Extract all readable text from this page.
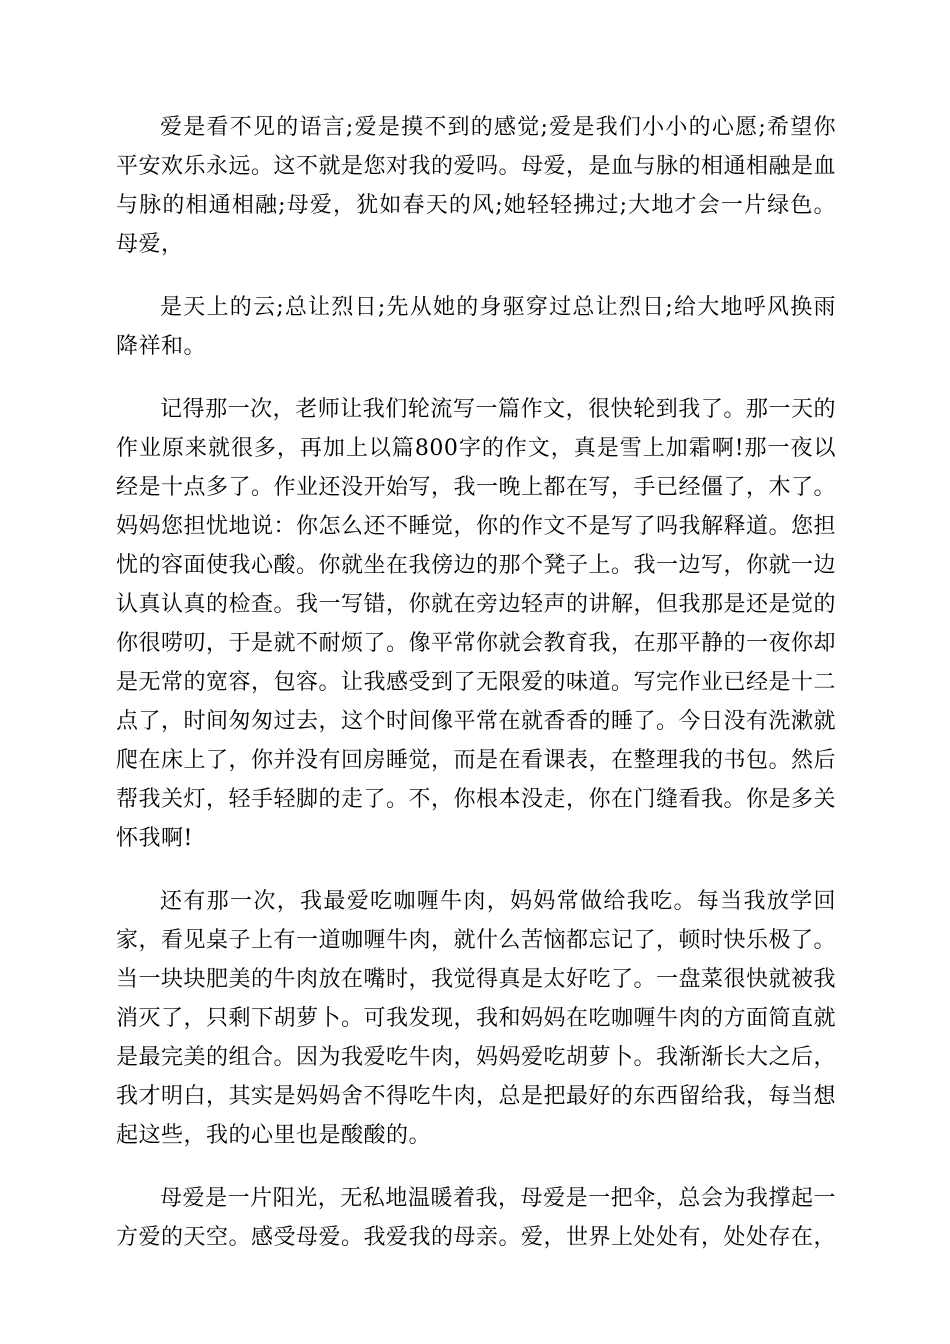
爱是看不见的语言;爱是摸不到的感觉;爱是我们小小的心愿;希望你平安欢乐永远。这不就是您对我的爱吗。母爱，是血与脉的相通相融是血与脉的相通相融;母爱，犹如春天的风;她轻轻拂过;大地才会一片绿色。母爱，

是天上的云;总让烈日;先从她的身驱穿过总让烈日;给大地呼风换雨降祥和。

记得那一次，老师让我们轮流写一篇作文，很快轮到我了。那一天的作业原来就很多，再加上以篇800字的作文，真是雪上加霜啊!那一夜以经是十点多了。作业还没开始写，我一晚上都在写，手已经僵了，木了。妈妈您担忧地说：你怎么还不睡觉，你的作文不是写了吗我解释道。您担忧的容面使我心酸。你就坐在我傍边的那个凳子上。我一边写，你就一边认真认真的检查。我一写错，你就在旁边轻声的讲解，但我那是还是觉的你很唠叨，于是就不耐烦了。像平常你就会教育我，在那平静的一夜你却是无常的宽容，包容。让我感受到了无限爱的味道。写完作业已经是十二点了，时间匆匆过去，这个时间像平常在就香香的睡了。今日没有洗漱就爬在床上了，你并没有回房睡觉，而是在看课表，在整理我的书包。然后帮我关灯，轻手轻脚的走了。不，你根本没走，你在门缝看我。你是多关怀我啊!

还有那一次，我最爱吃咖喱牛肉，妈妈常做给我吃。每当我放学回家，看见桌子上有一道咖喱牛肉，就什么苦恼都忘记了，顿时快乐极了。当一块块肥美的牛肉放在嘴时，我觉得真是太好吃了。一盘菜很快就被我消灭了，只剩下胡萝卜。可我发现，我和妈妈在吃咖喱牛肉的方面简直就是最完美的组合。因为我爱吃牛肉，妈妈爱吃胡萝卜。我渐渐长大之后，我才明白，其实是妈妈舍不得吃牛肉，总是把最好的东西留给我，每当想起这些，我的心里也是酸酸的。

母爱是一片阳光，无私地温暖着我，母爱是一把伞，总会为我撑起一方爱的天空。感受母爱。我爱我的母亲。爱，世界上处处有，处处存在，
